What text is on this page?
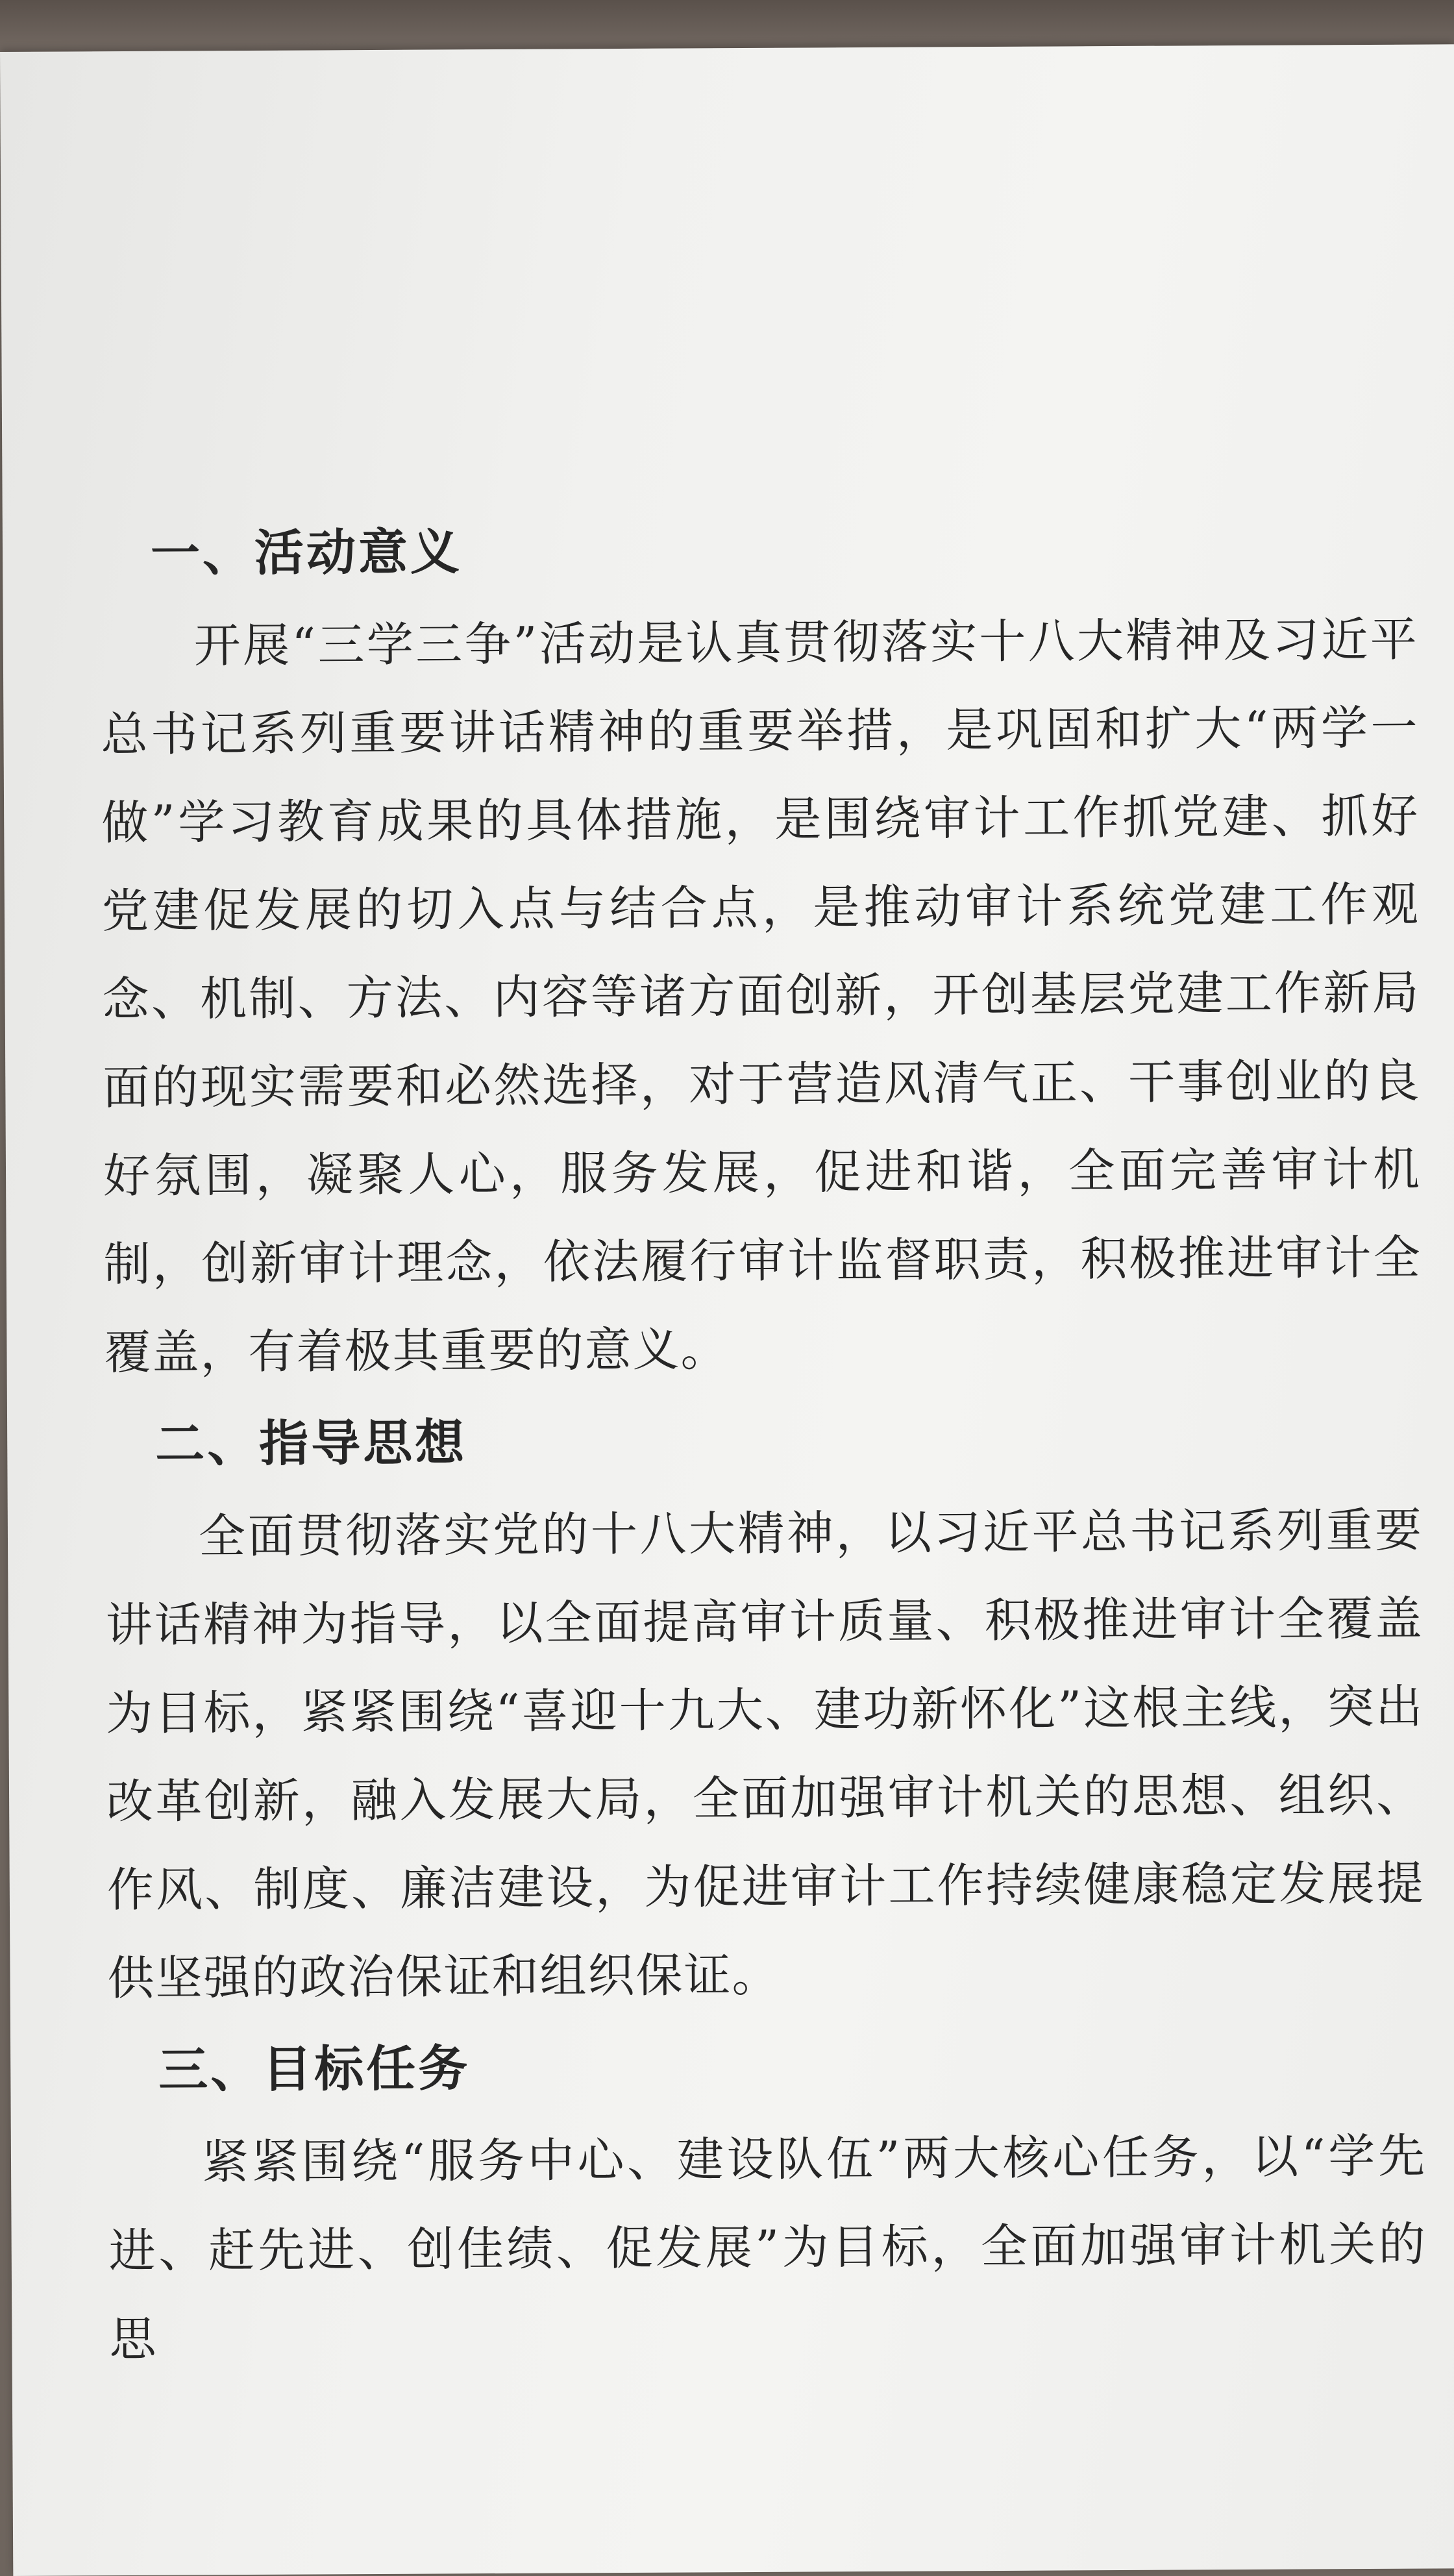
一、活动意义

开展“三学三争”活动是认真贯彻落实十八大精神及习近平总书记系列重要讲话精神的重要举措，是巩固和扩大“两学一做”学习教育成果的具体措施，是围绕审计工作抓党建、抓好党建促发展的切入点与结合点，是推动审计系统党建工作观念、机制、方法、内容等诸方面创新，开创基层党建工作新局面的现实需要和必然选择，对于营造风清气正、干事创业的良好氛围，凝聚人心，服务发展，促进和谐，全面完善审计机制，创新审计理念，依法履行审计监督职责，积极推进审计全覆盖，有着极其重要的意义。

二、指导思想

全面贯彻落实党的十八大精神，以习近平总书记系列重要讲话精神为指导，以全面提高审计质量、积极推进审计全覆盖为目标，紧紧围绕“喜迎十九大、建功新怀化”这根主线，突出改革创新，融入发展大局，全面加强审计机关的思想、组织、作风、制度、廉洁建设，为促进审计工作持续健康稳定发展提供坚强的政治保证和组织保证。

三、目标任务

紧紧围绕“服务中心、建设队伍”两大核心任务，以“学先进、赶先进、创佳绩、促发展”为目标，全面加强审计机关的思
